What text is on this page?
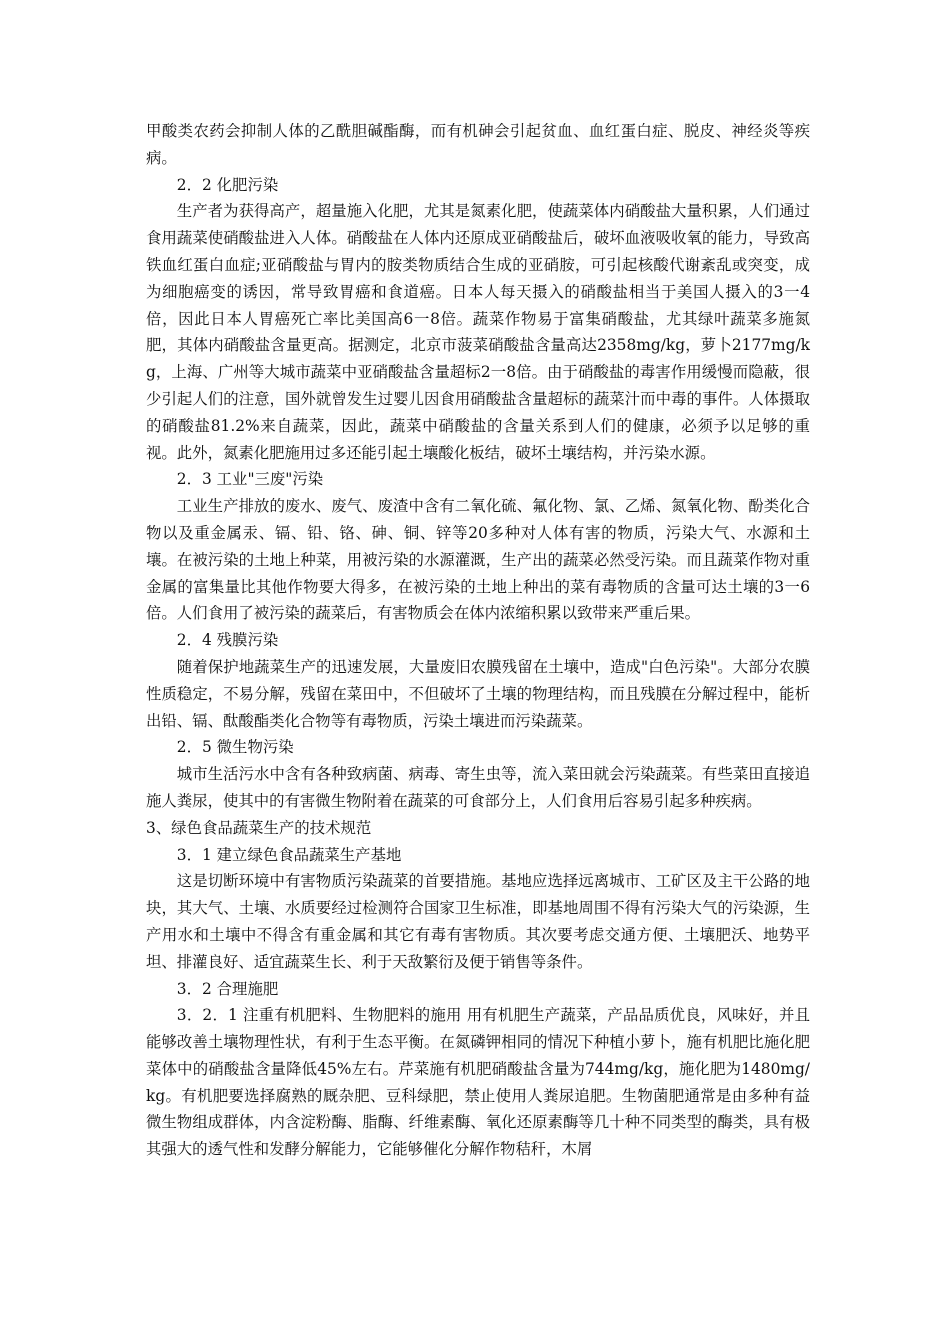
甲酸类农药会抑制人体的乙酰胆碱酯酶，而有机砷会引起贫血、血红蛋白症、脱皮、神经炎等疾病。

2．2 化肥污染

生产者为获得高产，超量施入化肥，尤其是氮素化肥，使蔬菜体内硝酸盐大量积累，人们通过食用蔬菜使硝酸盐进入人体。硝酸盐在人体内还原成亚硝酸盐后，破坏血液吸收氧的能力，导致高铁血红蛋白血症;亚硝酸盐与胃内的胺类物质结合生成的亚硝胺，可引起核酸代谢紊乱或突变，成为细胞癌变的诱因，常导致胃癌和食道癌。日本人每天摄入的硝酸盐相当于美国人摄入的3一4倍，因此日本人胃癌死亡率比美国高6一8倍。蔬菜作物易于富集硝酸盐，尤其绿叶蔬菜多施氮肥，其体内硝酸盐含量更高。据测定，北京市菠菜硝酸盐含量高达2358mg/kg，萝卜2177mg/kg，上海、广州等大城市蔬菜中亚硝酸盐含量超标2一8倍。由于硝酸盐的毒害作用缓慢而隐蔽，很少引起人们的注意，国外就曾发生过婴儿因食用硝酸盐含量超标的蔬菜汁而中毒的事件。人体摄取的硝酸盐81.2%来自蔬菜，因此，蔬菜中硝酸盐的含量关系到人们的健康，必须予以足够的重视。此外，氮素化肥施用过多还能引起土壤酸化板结，破坏土壤结构，并污染水源。

2．3 工业"三废"污染

工业生产排放的废水、废气、废渣中含有二氧化硫、氟化物、氯、乙烯、氮氧化物、酚类化合物以及重金属汞、镉、铅、铬、砷、铜、锌等20多种对人体有害的物质，污染大气、水源和土壤。在被污染的土地上种菜，用被污染的水源灌溉，生产出的蔬菜必然受污染。而且蔬菜作物对重金属的富集量比其他作物要大得多，在被污染的土地上种出的菜有毒物质的含量可达土壤的3一6倍。人们食用了被污染的蔬菜后，有害物质会在体内浓缩积累以致带来严重后果。

2．4 残膜污染

随着保护地蔬菜生产的迅速发展，大量废旧农膜残留在土壤中，造成"白色污染"。大部分农膜性质稳定，不易分解，残留在菜田中，不但破坏了土壤的物理结构，而且残膜在分解过程中，能析出铅、镉、酞酸酯类化合物等有毒物质，污染土壤进而污染蔬菜。

2．5 微生物污染

城市生活污水中含有各种致病菌、病毒、寄生虫等，流入菜田就会污染蔬菜。有些菜田直接追施人粪尿，使其中的有害微生物附着在蔬菜的可食部分上，人们食用后容易引起多种疾病。

3、绿色食品蔬菜生产的技术规范

3．1 建立绿色食品蔬菜生产基地

这是切断环境中有害物质污染蔬菜的首要措施。基地应选择远离城市、工矿区及主干公路的地块，其大气、土壤、水质要经过检测符合国家卫生标准，即基地周围不得有污染大气的污染源，生产用水和土壤中不得含有重金属和其它有毒有害物质。其次要考虑交通方便、土壤肥沃、地势平坦、排灌良好、适宜蔬菜生长、利于天敌繁衍及便于销售等条件。

3．2 合理施肥

3．2．1 注重有机肥料、生物肥料的施用 用有机肥生产蔬菜，产品品质优良，风味好，并且能够改善土壤物理性状，有利于生态平衡。在氮磷钾相同的情况下种植小萝卜，施有机肥比施化肥菜体中的硝酸盐含量降低45%左右。芹菜施有机肥硝酸盐含量为744mg/kg，施化肥为1480mg/kg。有机肥要选择腐熟的厩杂肥、豆科绿肥，禁止使用人粪尿追肥。生物菌肥通常是由多种有益微生物组成群体，内含淀粉酶、脂酶、纤维素酶、氧化还原素酶等几十种不同类型的酶类，具有极其强大的透气性和发酵分解能力，它能够催化分解作物秸秆，木屑
